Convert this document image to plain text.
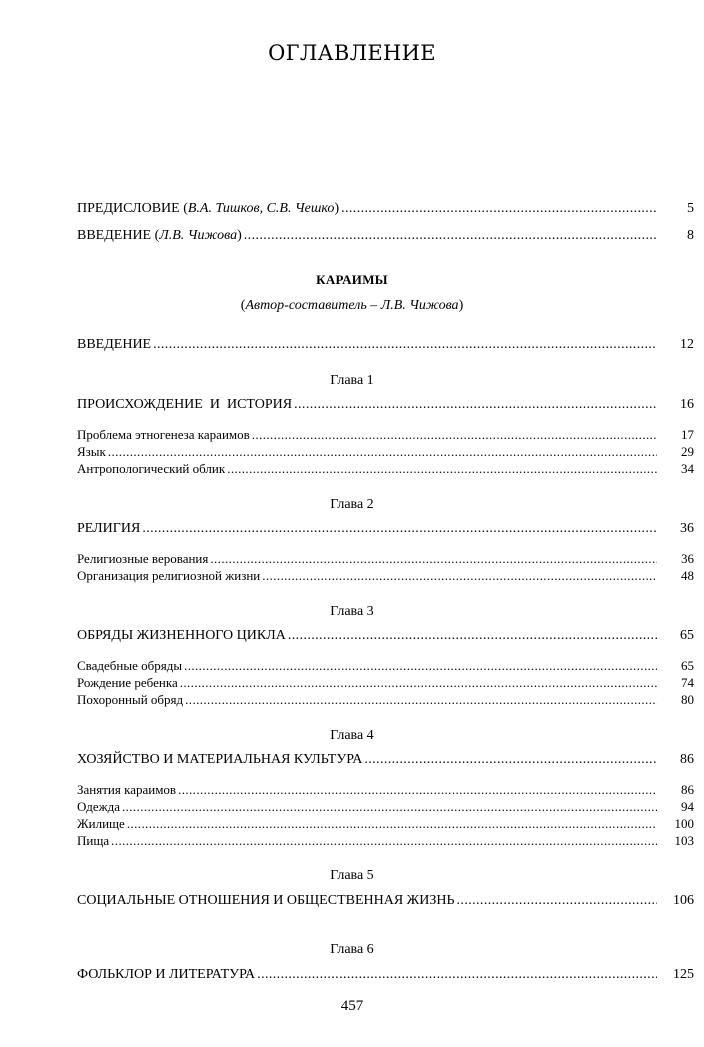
ОГЛАВЛЕНИЕ
ПРЕДИСЛОВИЕ (В.А. Тишков, С.В. Чешко) .....	5
ВВЕДЕНИЕ (Л.В. Чижова) .....	8
КАРАИМЫ
(Автор-составитель – Л.В. Чижова)
ВВЕДЕНИЕ .....	12
Глава 1
ПРОИСХОЖДЕНИЕ  И  ИСТОРИЯ .....	16
Проблема этногенеза караимов .....	17
Язык .....	29
Антропологический облик .....	34
Глава 2
РЕЛИГИЯ .....	36
Религиозные верования .....	36
Организация религиозной жизни .....	48
Глава 3
ОБРЯДЫ ЖИЗНЕННОГО ЦИКЛА .....	65
Свадебные обряды .....	65
Рождение ребенка .....	74
Похоронный обряд .....	80
Глава 4
ХОЗЯЙСТВО И МАТЕРИАЛЬНАЯ КУЛЬТУРА .....	86
Занятия караимов .....	86
Одежда .....	94
Жилище .....	100
Пища .....	103
Глава 5
СОЦИАЛЬНЫЕ ОТНОШЕНИЯ И ОБЩЕСТВЕННАЯ ЖИЗНЬ .....	106
Глава 6
ФОЛЬКЛОР И ЛИТЕРАТУРА .....	125
457
